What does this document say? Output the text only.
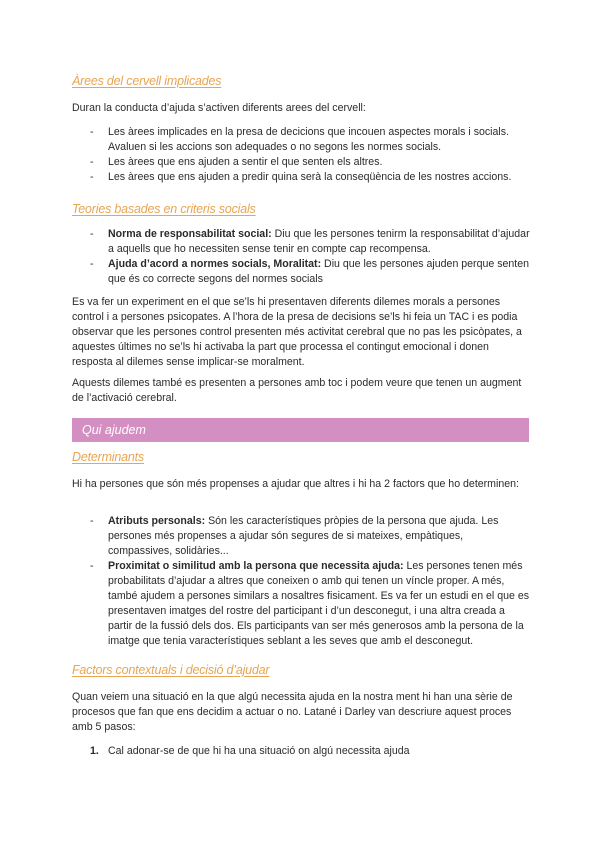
Àrees del cervell implicades

Duran la conducta d’ajuda s’activen diferents arees del cervell:

- Les àrees implicades en la presa de decicions que incouen aspectes morals i socials. Avaluen si les accions son adequades o no segons les normes socials.
- Les àrees que ens ajuden a sentir el que senten els altres.
- Les àrees que ens ajuden a predir quina serà la conseqüència de les nostres accions.
Teories basades en criteris socials
- Norma de responsabilitat social: Diu que les persones tenirm la responsabilitat d’ajudar a aquells que ho necessiten sense tenir en compte cap recompensa.
- Ajuda d’acord a normes socials, Moralitat: Diu que les persones ajuden perque senten que és co correcte segons del normes socials

Es va fer un experiment en el que se’ls hi presentaven diferents dilemes morals a persones control i a persones psicopates. A l’hora de la presa de decisions se’ls hi feia un TAC i es podia observar que les persones control presenten més activitat cerebral que no pas les psicòpates, a aquestes últimes no se’ls hi activaba la part que processa el contingut emocional i donen resposta al dilemes sense implicar-se moralment.

Aquests dilemes també es presenten a persones amb toc i podem veure que tenen un augment de l’activació cerebral.

Determinants

Hi ha persones que són més propenses a ajudar que altres i hi ha 2 factors que ho determinen:

- Atributs personals: Són les característiques pròpies de la persona que ajuda. Les persones més propenses a ajudar són segures de si mateixes, empàtiques, compassives, solidàries...
- Proximitat o similitud amb la persona que necessita ajuda: Les persones tenen més probabilitats d’ajudar a altres que coneixen o amb qui tenen un víncle proper. A més, també ajudem a persones similars a nosaltres fisicament. Es va fer un estudi en el que es presentaven imatges del rostre del participant i d’un desconegut, i una altra creada a partir de la fussió dels dos. Els participants van ser més generosos amb la persona de la imatge que tenia varacterístiques seblant a les seves que amb el desconegut.
Factors contextuals i decisió d’ajudar

Quan veiem una situació en la que algú necessita ajuda en la nostra ment hi han una sèrie de procesos que fan que ens decidim a actuar o no. Latané i Darley van descriure aquest proces amb 5 pasos:

1. Cal adonar-se de que hi ha una situació on algú necessita ajuda
Qui ajudem
